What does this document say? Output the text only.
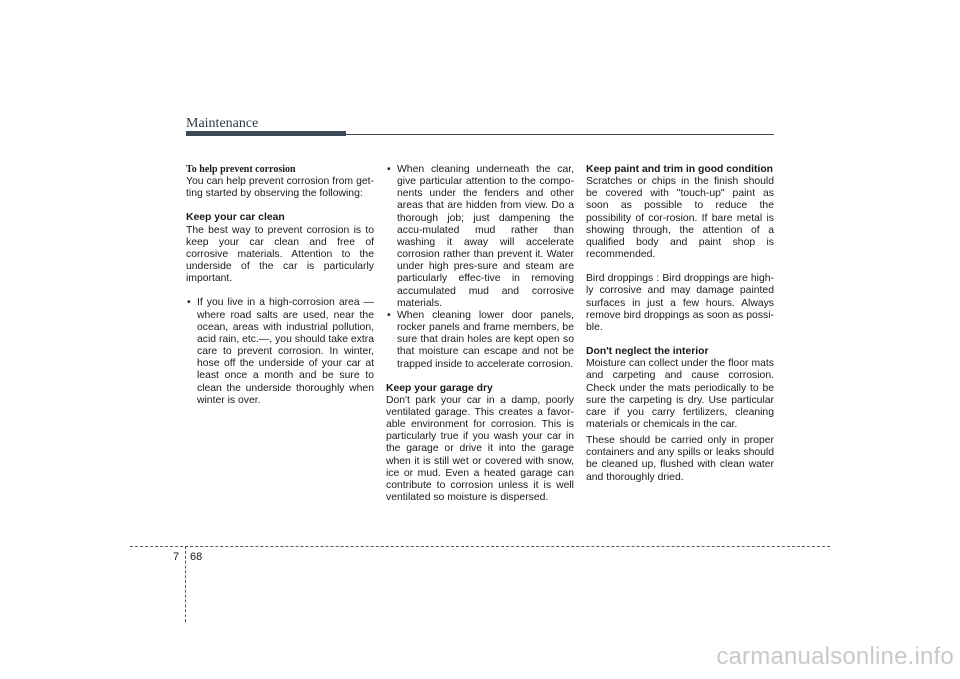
Maintenance

To help prevent corrosion

You can help prevent corrosion from get-ting started by observing the following:

Keep your car clean

The best way to prevent corrosion is to keep your car clean and free of corrosive materials. Attention to the underside of the car is particularly important.

• If you live in a high-corrosion area — where road salts are used, near the ocean, areas with industrial pollution, acid rain, etc.—, you should take extra care to prevent corrosion. In winter, hose off the underside of your car at least once a month and be sure to clean the underside thoroughly when winter is over.
• When cleaning underneath the car, give particular attention to the compo-nents under the fenders and other areas that are hidden from view. Do a thorough job; just dampening the accu-mulated mud rather than washing it away will accelerate corrosion rather than prevent it. Water under high pres-sure and steam are particularly effec-tive in removing accumulated mud and corrosive materials.
• When cleaning lower door panels, rocker panels and frame members, be sure that drain holes are kept open so that moisture can escape and not be trapped inside to accelerate corrosion.

Keep your garage dry

Don't park your car in a damp, poorly ventilated garage. This creates a favor-able environment for corrosion. This is particularly true if you wash your car in the garage or drive it into the garage when it is still wet or covered with snow, ice or mud. Even a heated garage can contribute to corrosion unless it is well ventilated so moisture is dispersed.

Keep paint and trim in good condition

Scratches or chips in the finish should be covered with "touch-up" paint as soon as possible to reduce the possibility of cor-rosion. If bare metal is showing through, the attention of a qualified body and paint shop is recommended.

Bird droppings : Bird droppings are high-ly corrosive and may damage painted surfaces in just a few hours. Always remove bird droppings as soon as possi-ble.

Don't neglect the interior

Moisture can collect under the floor mats and carpeting and cause corrosion. Check under the mats periodically to be sure the carpeting is dry. Use particular care if you carry fertilizers, cleaning materials or chemicals in the car.

These should be carried only in proper containers and any spills or leaks should be cleaned up, flushed with clean water and thoroughly dried.

7 68
carmanualsonline.info
